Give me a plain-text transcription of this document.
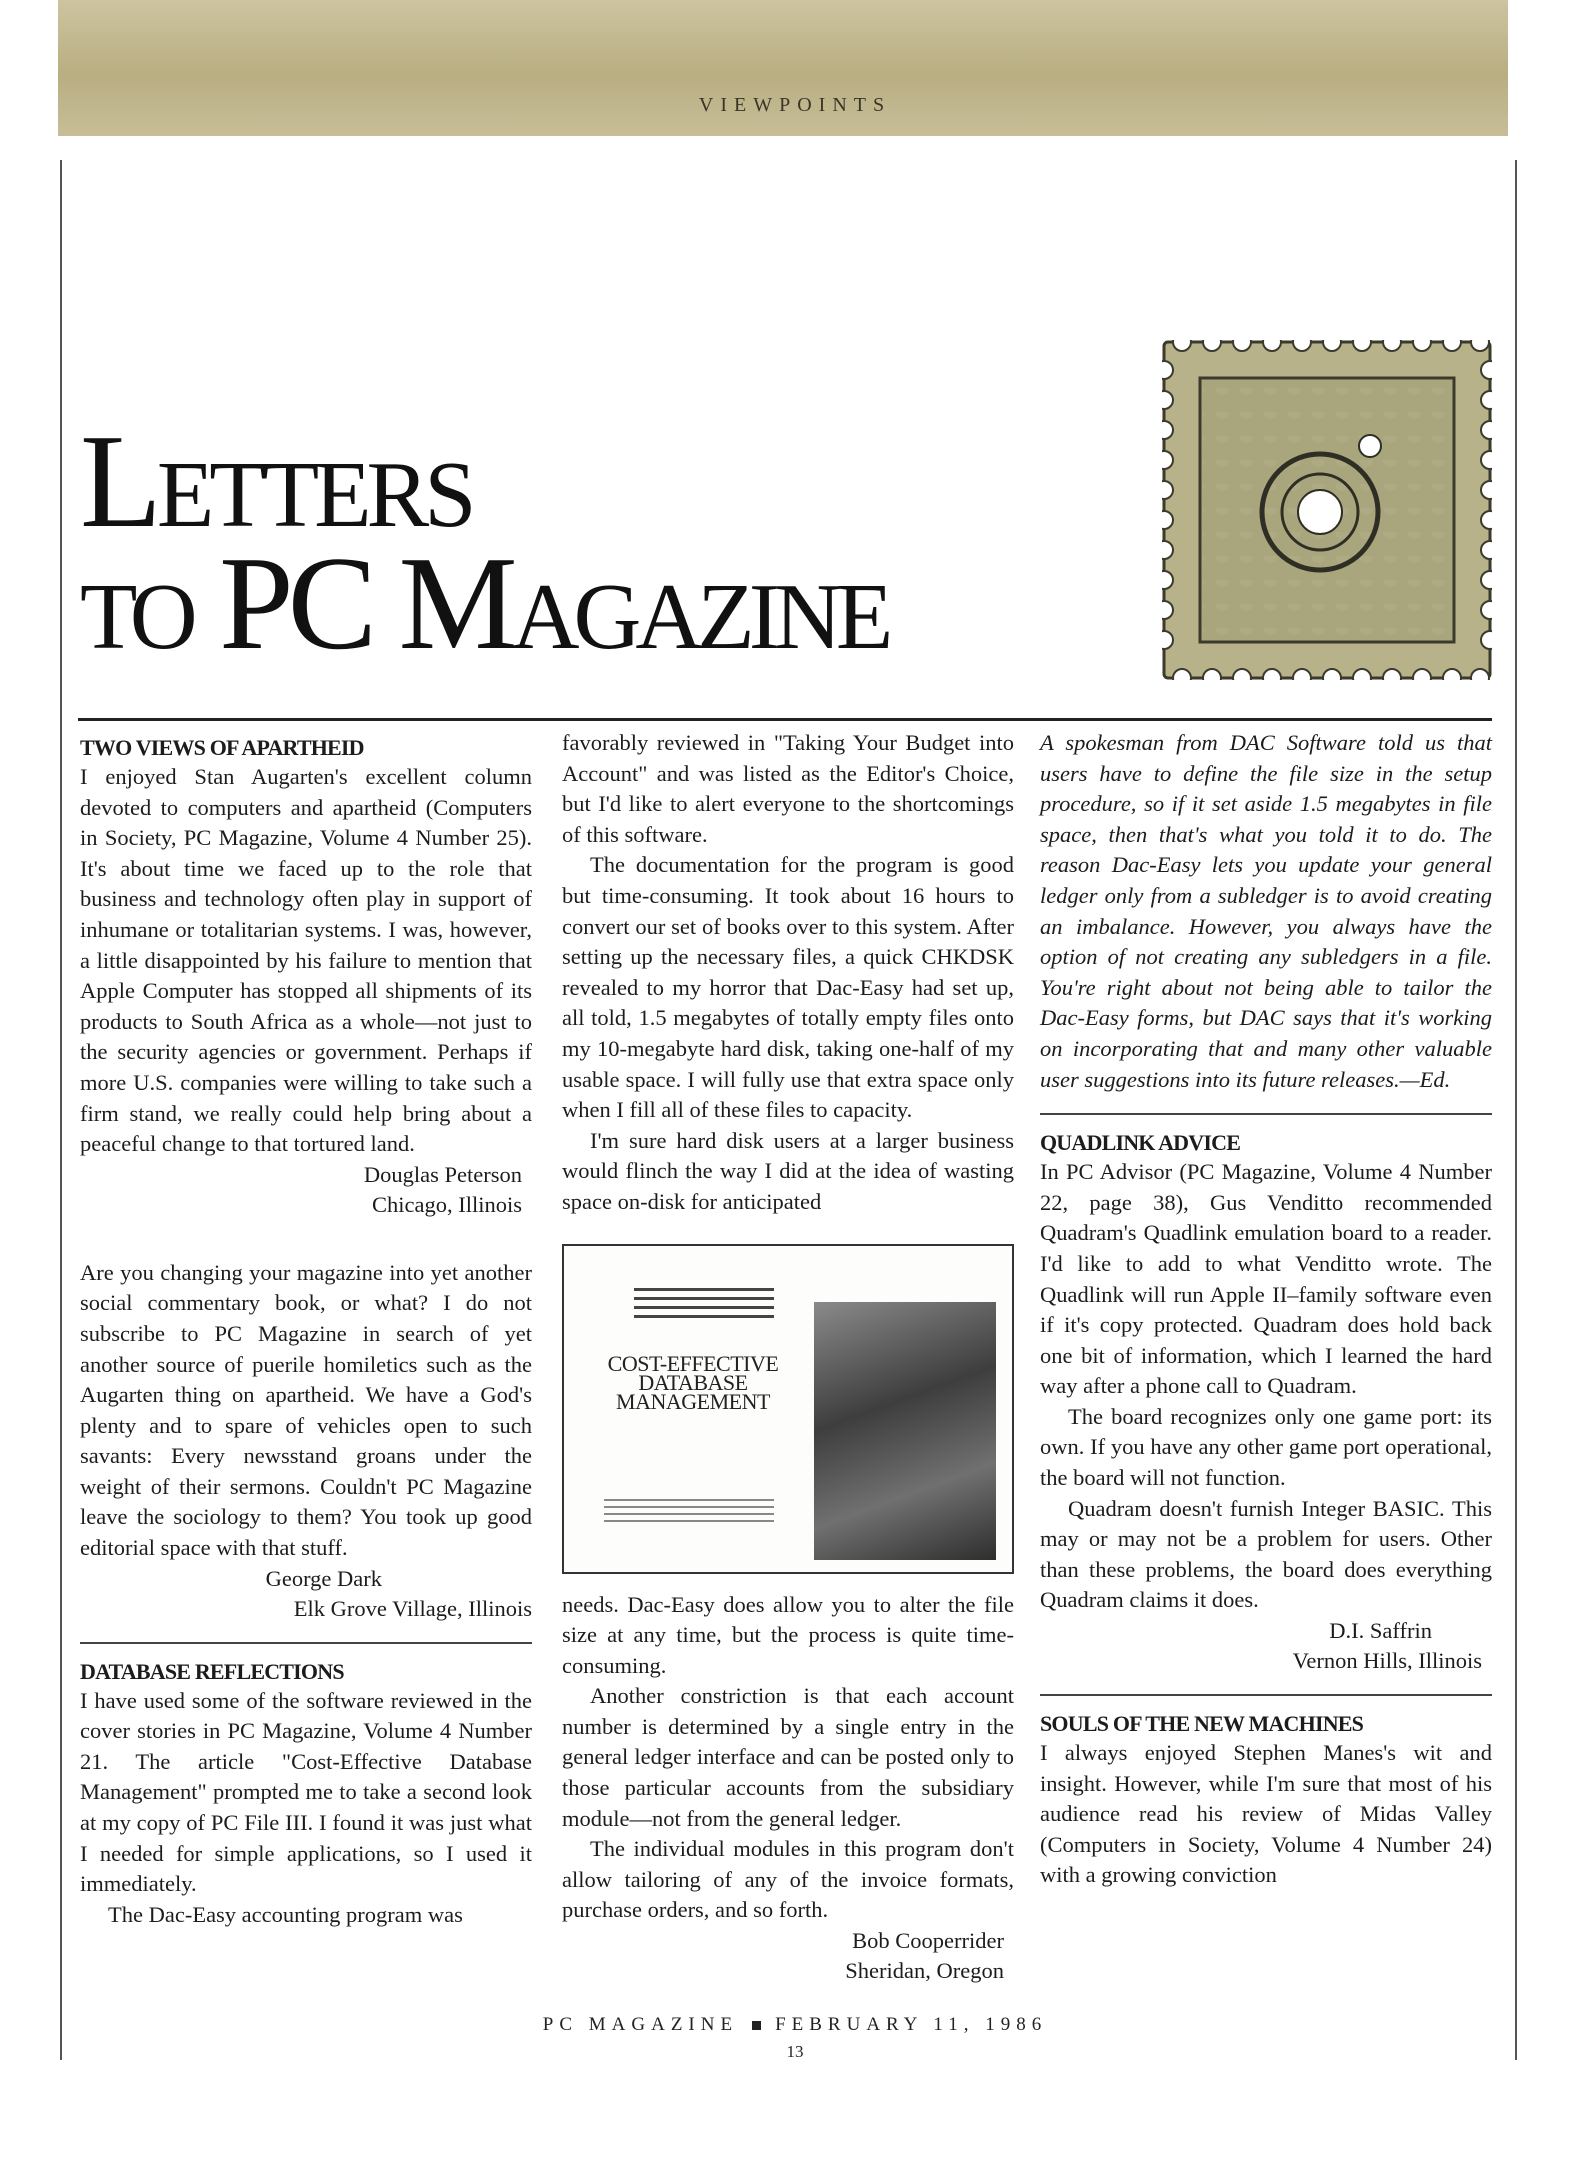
VIEWPOINTS
Letters
to PC Magazine
TWO VIEWS OF APARTHEID

I enjoyed Stan Augarten's excellent column devoted to computers and apartheid (Computers in Society, PC Magazine, Volume 4 Number 25). It's about time we faced up to the role that business and technology often play in support of inhumane or totalitarian systems. I was, however, a little disappointed by his failure to mention that Apple Computer has stopped all shipments of its products to South Africa as a whole—not just to the security agencies or government. Perhaps if more U.S. companies were willing to take such a firm stand, we really could help bring about a peaceful change to that tortured land.

Douglas Peterson
Chicago, Illinois

Are you changing your magazine into yet another social commentary book, or what? I do not subscribe to PC Magazine in search of yet another source of puerile homiletics such as the Augarten thing on apartheid. We have a God's plenty and to spare of vehicles open to such savants: Every newsstand groans under the weight of their sermons. Couldn't PC Magazine leave the sociology to them? You took up good editorial space with that stuff.

George Dark
Elk Grove Village, Illinois
DATABASE REFLECTIONS

I have used some of the software reviewed in the cover stories in PC Magazine, Volume 4 Number 21. The article "Cost-Effective Database Management" prompted me to take a second look at my copy of PC File III. I found it was just what I needed for simple applications, so I used it immediately.

The Dac-Easy accounting program was

favorably reviewed in "Taking Your Budget into Account" and was listed as the Editor's Choice, but I'd like to alert everyone to the shortcomings of this software.

The documentation for the program is good but time-consuming. It took about 16 hours to convert our set of books over to this system. After setting up the necessary files, a quick CHKDSK revealed to my horror that Dac-Easy had set up, all told, 1.5 megabytes of totally empty files onto my 10-megabyte hard disk, taking one-half of my usable space. I will fully use that extra space only when I fill all of these files to capacity.

I'm sure hard disk users at a larger business would flinch the way I did at the idea of wasting space on-disk for anticipated

COST-EFFECTIVE DATABASE MANAGEMENT

needs. Dac-Easy does allow you to alter the file size at any time, but the process is quite time-consuming.

Another constriction is that each account number is determined by a single entry in the general ledger interface and can be posted only to those particular accounts from the subsidiary module—not from the general ledger.

The individual modules in this program don't allow tailoring of any of the invoice formats, purchase orders, and so forth.

Bob Cooperrider
Sheridan, Oregon

A spokesman from DAC Software told us that users have to define the file size in the setup procedure, so if it set aside 1.5 megabytes in file space, then that's what you told it to do. The reason Dac-Easy lets you update your general ledger only from a subledger is to avoid creating an imbalance. However, you always have the option of not creating any subledgers in a file. You're right about not being able to tailor the Dac-Easy forms, but DAC says that it's working on incorporating that and many other valuable user suggestions into its future releases.—Ed.

QUADLINK ADVICE

In PC Advisor (PC Magazine, Volume 4 Number 22, page 38), Gus Venditto recommended Quadram's Quadlink emulation board to a reader. I'd like to add to what Venditto wrote. The Quadlink will run Apple II–family software even if it's copy protected. Quadram does hold back one bit of information, which I learned the hard way after a phone call to Quadram.

The board recognizes only one game port: its own. If you have any other game port operational, the board will not function.

Quadram doesn't furnish Integer BASIC. This may or may not be a problem for users. Other than these problems, the board does everything Quadram claims it does.

D.I. Saffrin
Vernon Hills, Illinois
SOULS OF THE NEW MACHINES

I always enjoyed Stephen Manes's wit and insight. However, while I'm sure that most of his audience read his review of Midas Valley (Computers in Society, Volume 4 Number 24) with a growing conviction

PC MAGAZINE FEBRUARY 11, 1986
13
